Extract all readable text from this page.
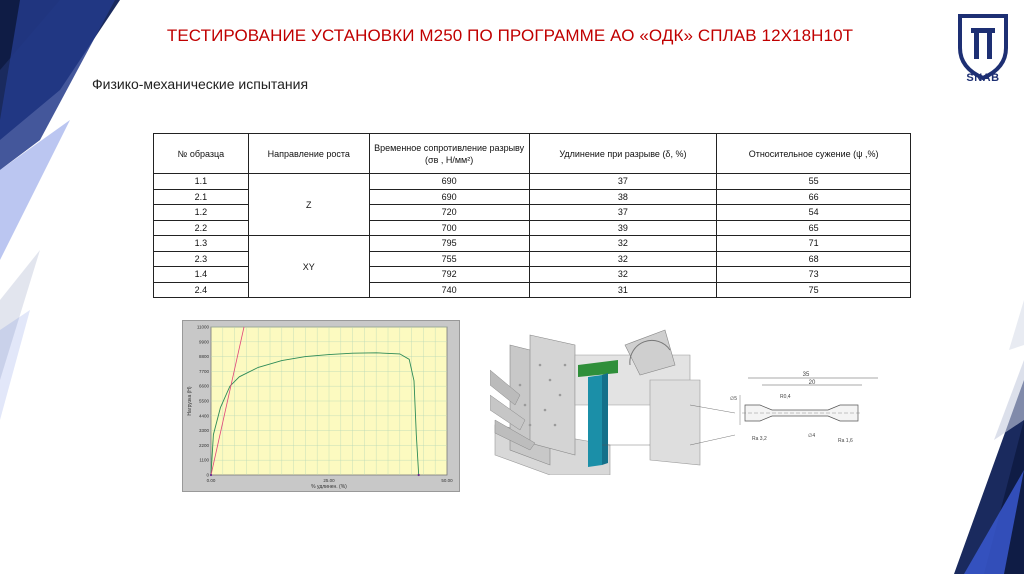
ТЕСТИРОВАНИЕ УСТАНОВКИ М250 ПО ПРОГРАММЕ АО «ОДК» СПЛАВ 12Х18Н10Т
Физико-механические испытания	SNAB
№ образца	Направление роста	Временное сопротивление разрыву (σв , Н/мм²)	Удлинение при разрыве (δ, %)	Относительное сужение (ψ ,%)
1.1	Z	690	37	55
2.1		690	38	66
1.2		720	37	54
2.2		700	39	65
1.3	XY	795	32	71
2.3		755	32	68
1.4		792	32	73
2.4		740	31	75
0
1100
2200
3300
4400
5500
6600
7700
8800
9900
11000
0.00	25.00	50.00
Нагрузка (Н)
% удлинен. (%)
35
20
R0,4
∅5
∅4
Ra 3,2	Ra 1,6
